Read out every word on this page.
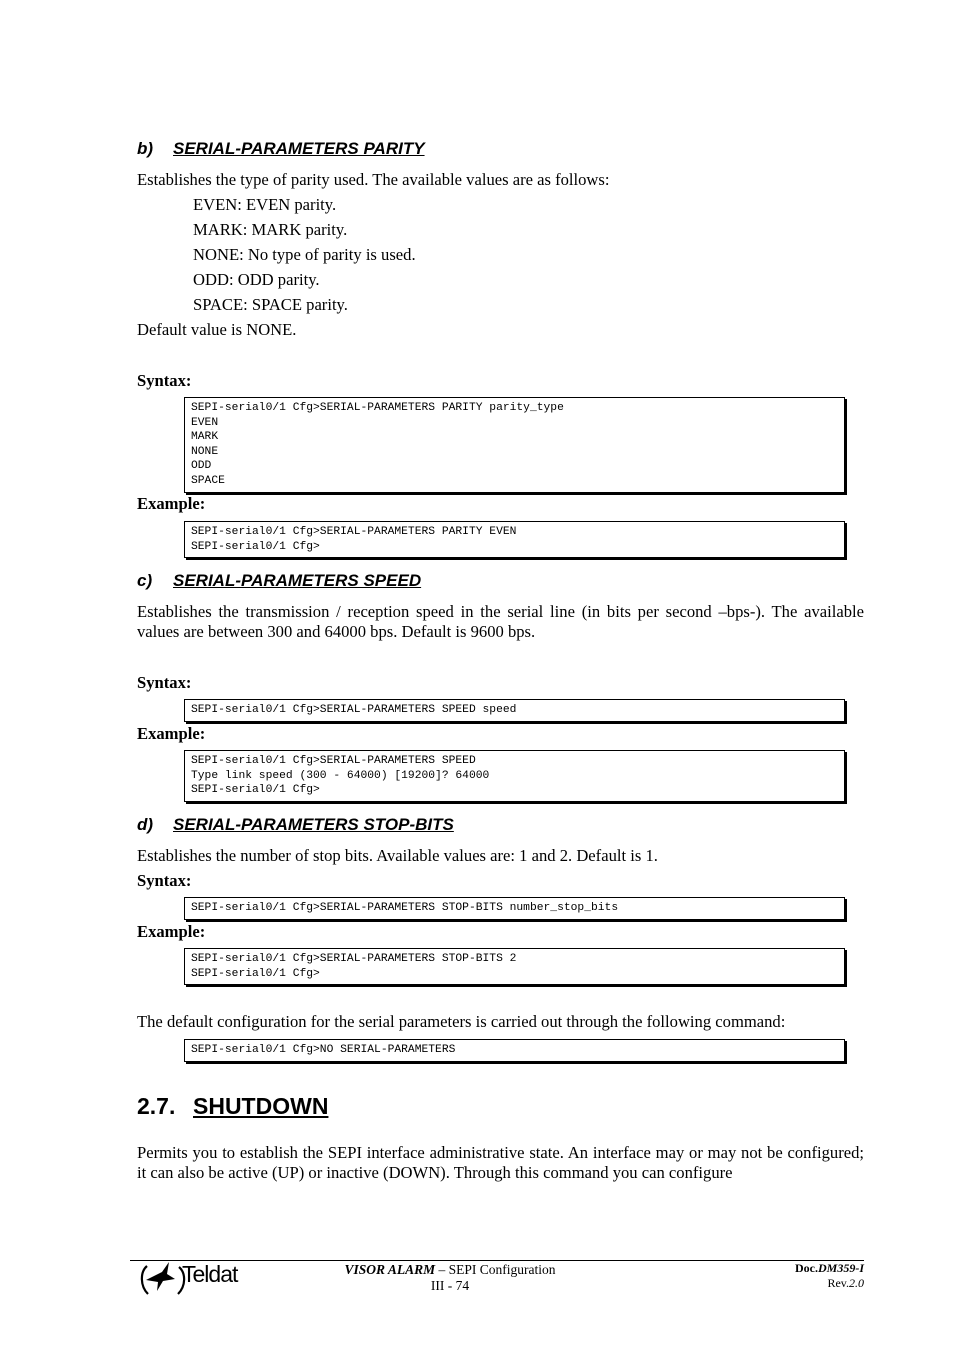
b) SERIAL-PARAMETERS PARITY
Establishes the type of parity used. The available values are as follows:
EVEN: EVEN parity.
MARK: MARK parity.
NONE: No type of parity is used.
ODD: ODD parity.
SPACE: SPACE parity.
Default value is NONE.
Syntax:
SEPI-serial0/1 Cfg>SERIAL-PARAMETERS PARITY parity_type
EVEN
MARK
NONE
ODD
SPACE
Example:
SEPI-serial0/1 Cfg>SERIAL-PARAMETERS PARITY EVEN
SEPI-serial0/1 Cfg>
c) SERIAL-PARAMETERS SPEED
Establishes the transmission / reception speed in the serial line (in bits per second –bps-). The available values are between 300 and 64000 bps. Default is 9600 bps.
Syntax:
SEPI-serial0/1 Cfg>SERIAL-PARAMETERS SPEED speed
Example:
SEPI-serial0/1 Cfg>SERIAL-PARAMETERS SPEED
Type link speed (300 - 64000) [19200]? 64000
SEPI-serial0/1 Cfg>
d) SERIAL-PARAMETERS STOP-BITS
Establishes the number of stop bits. Available values are: 1 and 2. Default is 1.
Syntax:
SEPI-serial0/1 Cfg>SERIAL-PARAMETERS STOP-BITS number_stop_bits
Example:
SEPI-serial0/1 Cfg>SERIAL-PARAMETERS STOP-BITS 2
SEPI-serial0/1 Cfg>
The default configuration for the serial parameters is carried out through the following command:
SEPI-serial0/1 Cfg>NO SERIAL-PARAMETERS
2.7. SHUTDOWN
Permits you to establish the SEPI interface administrative state. An interface may or may not be configured; it can also be active (UP) or inactive (DOWN). Through this command you can configure
Teldat	VISOR ALARM – SEPI Configuration
III - 74
Doc.DM359-I
Rev.2.0
